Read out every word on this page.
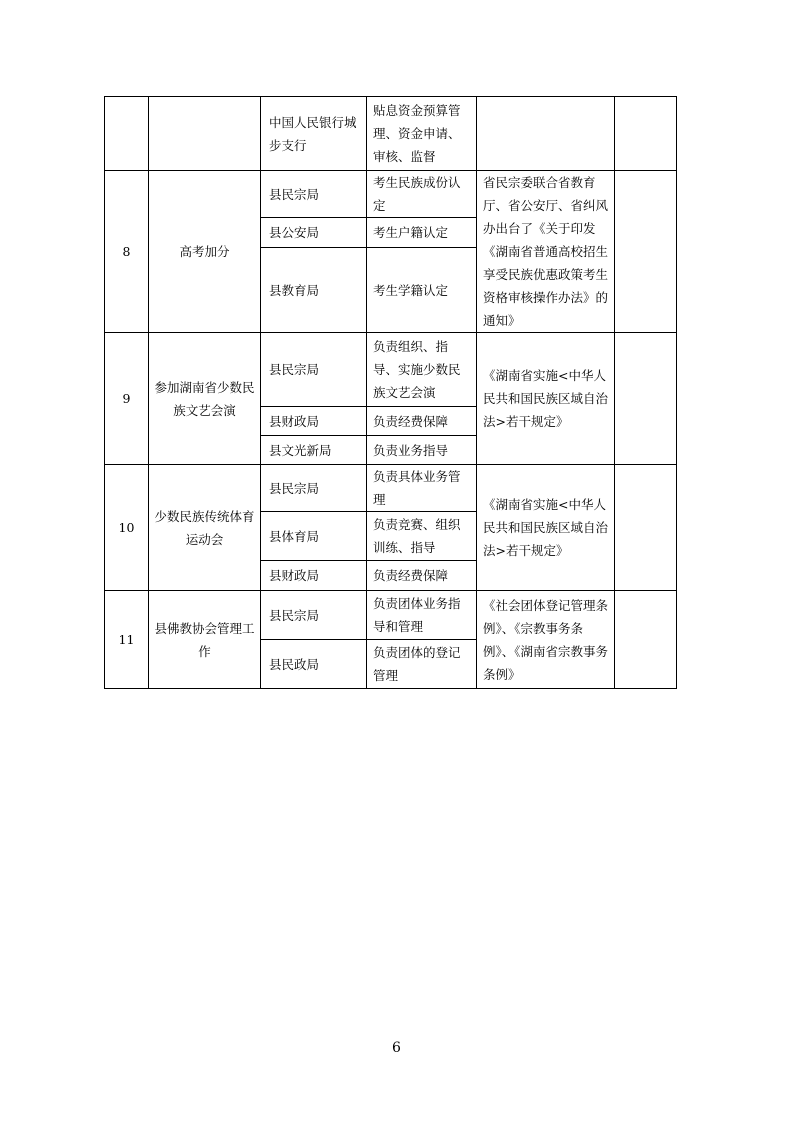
		中国人民银行城步支行	贴息资金预算管理、资金申请、审核、监督		
8	高考加分	县民宗局	考生民族成份认定	省民宗委联合省教育厅、省公安厅、省纠风办出台了《关于印发《湖南省普通高校招生享受民族优惠政策考生资格审核操作办法》的通知》	
		县公安局	考生户籍认定		
		县教育局	考生学籍认定		
9	参加湖南省少数民族文艺会演	县民宗局	负责组织、指导、实施少数民族文艺会演	《湖南省实施<中华人民共和国民族区域自治法>若干规定》	
		县财政局	负责经费保障		
		县文光新局	负责业务指导		
10	少数民族传统体育运动会	县民宗局	负责具体业务管理	《湖南省实施<中华人民共和国民族区域自治法>若干规定》	
		县体育局	负责竞赛、组织训练、指导		
		县财政局	负责经费保障		
11	县佛教协会管理工作	县民宗局	负责团体业务指导和管理	《社会团体登记管理条例》、《宗教事务条例》、《湖南省宗教事务条例》	
		县民政局	负责团体的登记管理		
6
